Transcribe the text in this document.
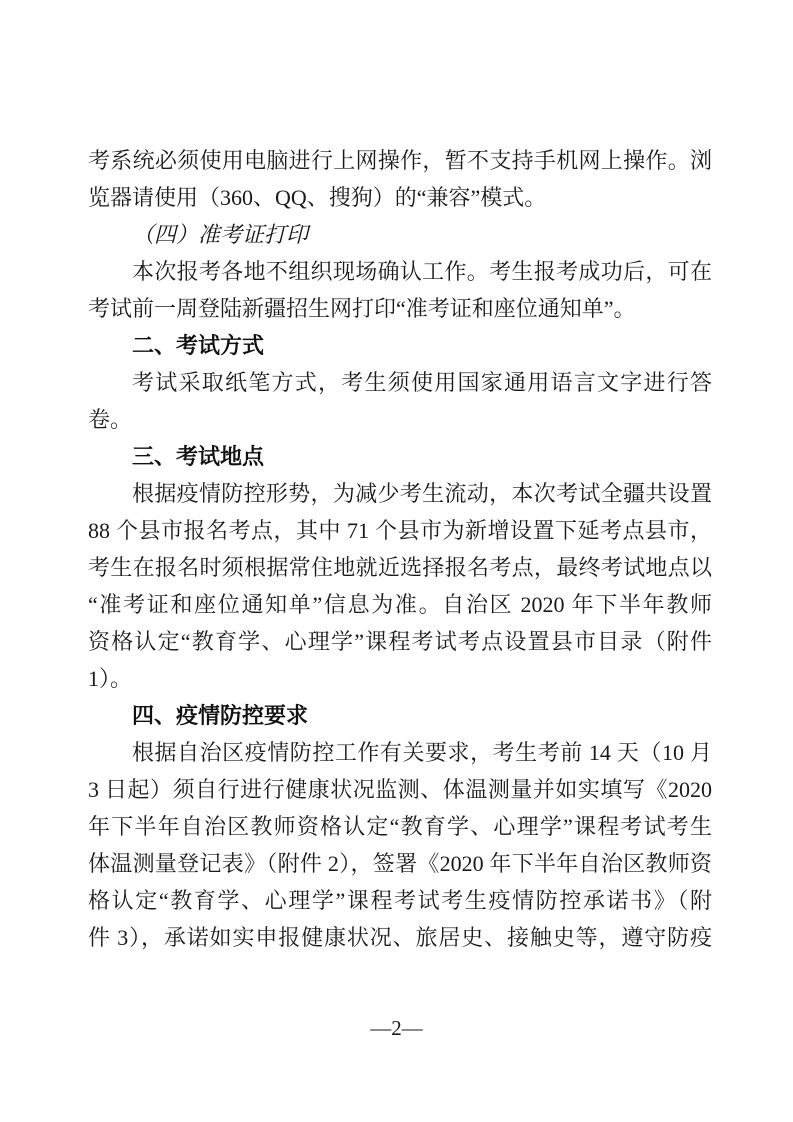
考系统必须使用电脑进行上网操作，暂不支持手机网上操作。浏
览器请使用（360、QQ、搜狗）的“兼容”模式。
（四）准考证打印
本次报考各地不组织现场确认工作。考生报考成功后，可在
考试前一周登陆新疆招生网打印“准考证和座位通知单”。
二、考试方式
考试采取纸笔方式，考生须使用国家通用语言文字进行答
卷。
三、考试地点
根据疫情防控形势，为减少考生流动，本次考试全疆共设置
88 个县市报名考点，其中 71 个县市为新增设置下延考点县市，
考生在报名时须根据常住地就近选择报名考点，最终考试地点以
“准考证和座位通知单”信息为准。自治区 2020 年下半年教师
资格认定“教育学、心理学”课程考试考点设置县市目录（附件
1）。
四、疫情防控要求
根据自治区疫情防控工作有关要求，考生考前 14 天（10 月
3 日起）须自行进行健康状况监测、体温测量并如实填写《2020
年下半年自治区教师资格认定“教育学、心理学”课程考试考生
体温测量登记表》（附件 2），签署《2020 年下半年自治区教师资
格认定“教育学、心理学”课程考试考生疫情防控承诺书》（附
件 3），承诺如实申报健康状况、旅居史、接触史等，遵守防疫
—2—
